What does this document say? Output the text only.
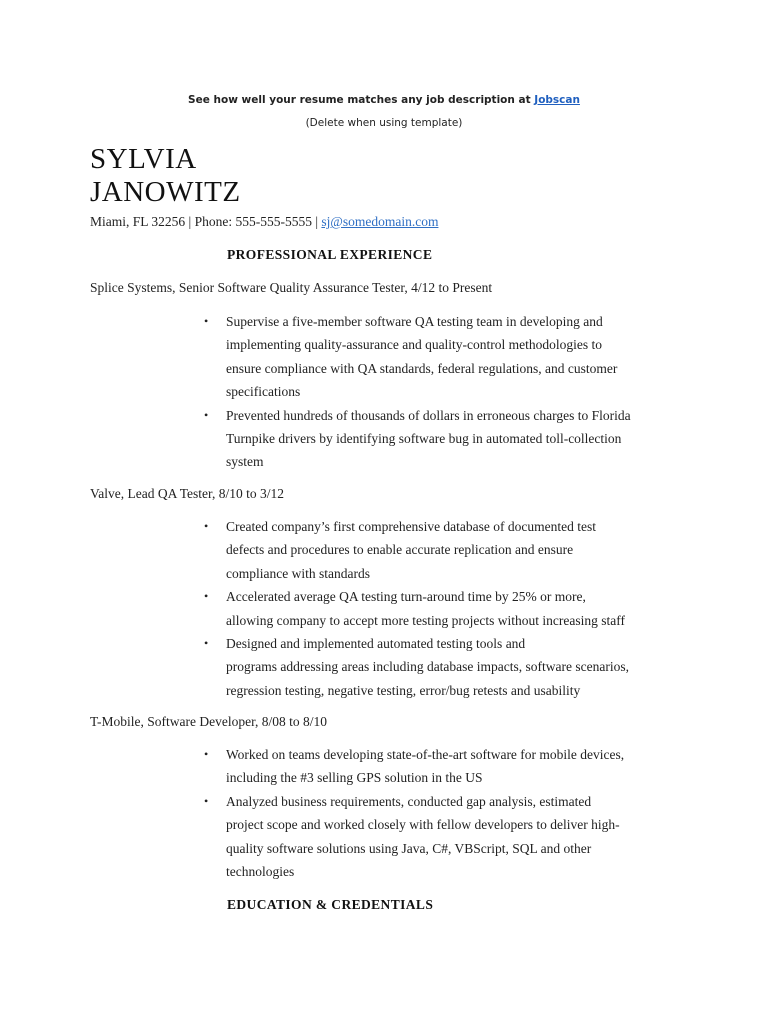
See how well your resume matches any job description at Jobscan
(Delete when using template)
SYLVIA
JANOWITZ
Miami, FL 32256 | Phone: 555-555-5555 | sj@somedomain.com
PROFESSIONAL EXPERIENCE
Splice Systems, Senior Software Quality Assurance Tester, 4/12 to Present
• Supervise a five-member software QA testing team in developing and
implementing quality-assurance and quality-control methodologies to
ensure compliance with QA standards, federal regulations, and customer
specifications
• Prevented hundreds of thousands of dollars in erroneous charges to Florida
Turnpike drivers by identifying software bug in automated toll-collection
system
Valve, Lead QA Tester, 8/10 to 3/12
• Created company’s first comprehensive database of documented test
defects and procedures to enable accurate replication and ensure
compliance with standards
• Accelerated average QA testing turn-around time by 25% or more,
allowing company to accept more testing projects without increasing staff
• Designed and implemented automated testing tools and
programs addressing areas including database impacts, software scenarios,
regression testing, negative testing, error/bug retests and usability
T-Mobile, Software Developer, 8/08 to 8/10
• Worked on teams developing state-of-the-art software for mobile devices,
including the #3 selling GPS solution in the US
• Analyzed business requirements, conducted gap analysis, estimated
project scope and worked closely with fellow developers to deliver high-
quality software solutions using Java, C#, VBScript, SQL and other
technologies
EDUCATION & CREDENTIALS
